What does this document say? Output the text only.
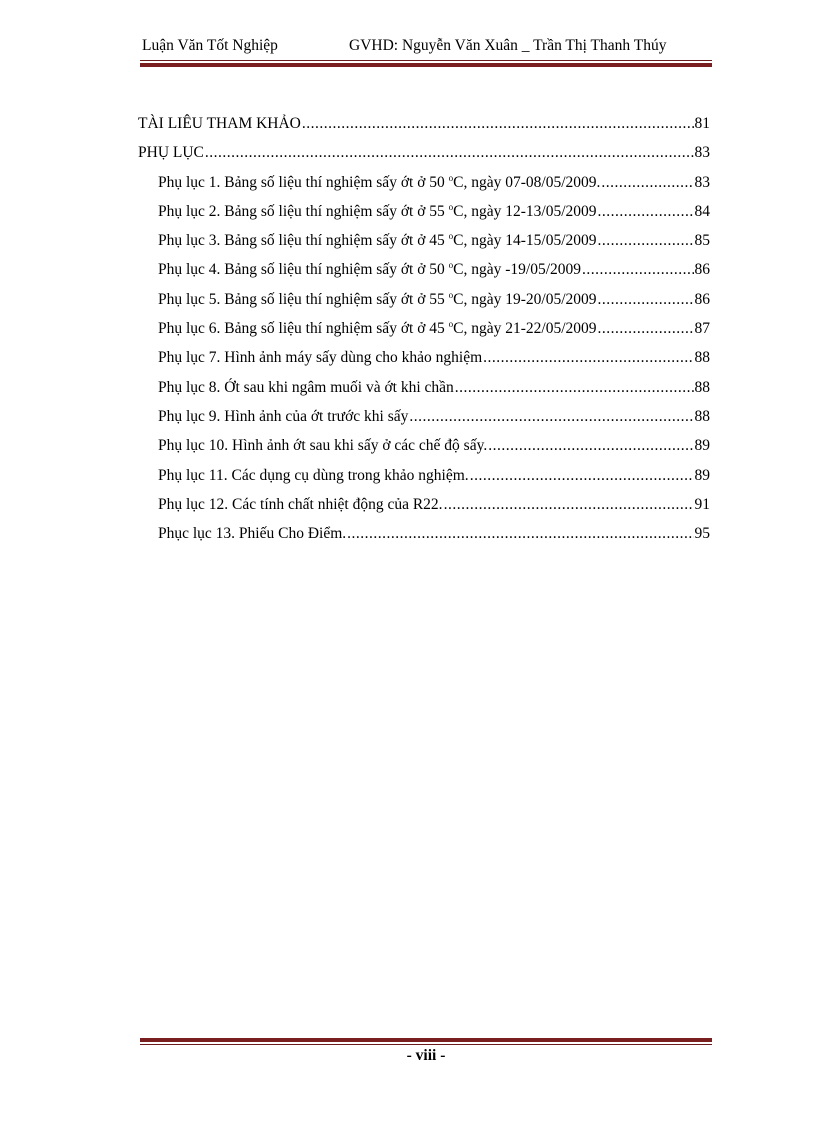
Luận Văn Tốt Nghiệp	GVHD: Nguyễn Văn Xuân _ Trần Thị Thanh Thúy
TÀI LIÊU THAM KHẢO .....	81
PHỤ LỤC .....	83
Phụ lục 1. Bảng số liệu thí nghiệm sấy ớt ở 50 $^o$C, ngày 07-08/05/2009. .....	83
Phụ lục 2. Bảng số liệu thí nghiệm sấy ớt ở 55 $^o$C, ngày 12-13/05/2009 .....	84
Phụ lục 3. Bảng số liệu thí nghiệm sấy ớt ở 45 $^o$C, ngày 14-15/05/2009 .....	85
Phụ lục 4. Bảng số liệu thí nghiệm sấy ớt ở 50 $^o$C, ngày -19/05/2009 .....	86
Phụ lục 5. Bảng số liệu thí nghiệm sấy ớt ở 55 $^o$C, ngày 19-20/05/2009 .....	86
Phụ lục 6. Bảng số liệu thí nghiệm sấy ớt ở 45 $^o$C, ngày 21-22/05/2009 .....	87
Phụ lục 7. Hình ảnh máy sấy dùng cho khảo nghiệm .....	88
Phụ lục 8. Ớt sau khi ngâm muối và ớt khi chần .....	88
Phụ lục 9. Hình ảnh của ớt trước khi sấy .....	88
Phụ lục 10. Hình ảnh ớt sau khi sấy ở các chế độ sấy. .....	89
Phụ lục 11. Các dụng cụ dùng trong khảo nghiệm. .....	89
Phụ lục 12. Các tính chất nhiệt động của R22. .....	91
Phục lục 13. Phiếu Cho Điểm. .....	95
- viii -
